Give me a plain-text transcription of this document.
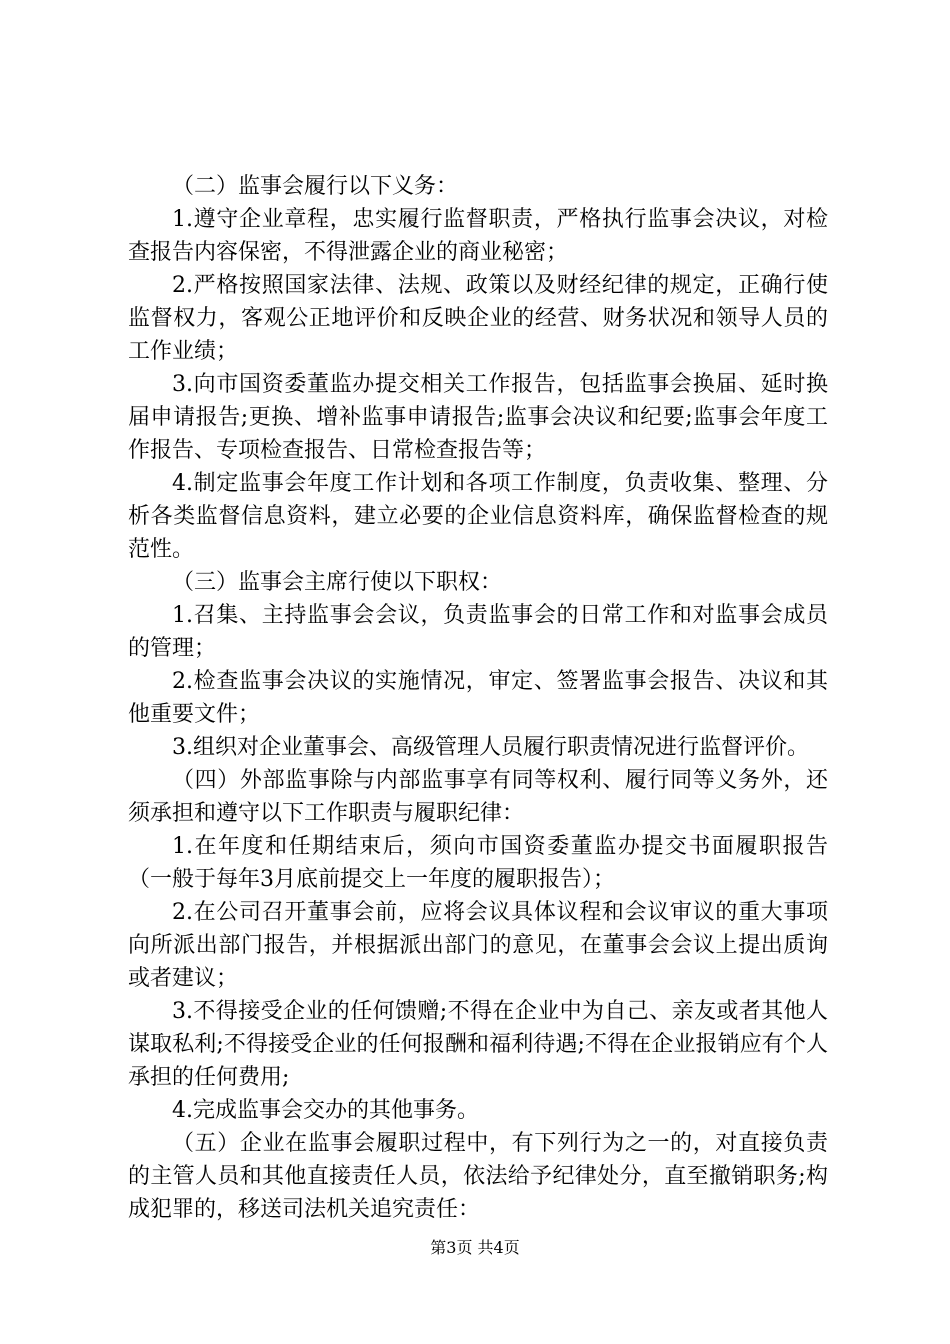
（二）监事会履行以下义务：

1.遵守企业章程，忠实履行监督职责，严格执行监事会决议，对检查报告内容保密，不得泄露企业的商业秘密；

2.严格按照国家法律、法规、政策以及财经纪律的规定，正确行使监督权力，客观公正地评价和反映企业的经营、财务状况和领导人员的工作业绩；

3.向市国资委董监办提交相关工作报告，包括监事会换届、延时换届申请报告;更换、增补监事申请报告;监事会决议和纪要;监事会年度工作报告、专项检查报告、日常检查报告等；

4.制定监事会年度工作计划和各项工作制度，负责收集、整理、分析各类监督信息资料，建立必要的企业信息资料库，确保监督检查的规范性。

（三）监事会主席行使以下职权：

1.召集、主持监事会会议，负责监事会的日常工作和对监事会成员的管理；

2.检查监事会决议的实施情况，审定、签署监事会报告、决议和其他重要文件；

3.组织对企业董事会、高级管理人员履行职责情况进行监督评价。

（四）外部监事除与内部监事享有同等权利、履行同等义务外，还须承担和遵守以下工作职责与履职纪律：

1.在年度和任期结束后，须向市国资委董监办提交书面履职报告（一般于每年3月底前提交上一年度的履职报告）；

2.在公司召开董事会前，应将会议具体议程和会议审议的重大事项向所派出部门报告，并根据派出部门的意见，在董事会会议上提出质询或者建议；

3.不得接受企业的任何馈赠;不得在企业中为自己、亲友或者其他人谋取私利;不得接受企业的任何报酬和福利待遇;不得在企业报销应有个人承担的任何费用;

4.完成监事会交办的其他事务。

（五）企业在监事会履职过程中，有下列行为之一的，对直接负责的主管人员和其他直接责任人员，依法给予纪律处分，直至撤销职务;构成犯罪的，移送司法机关追究责任：

第3页 共4页
